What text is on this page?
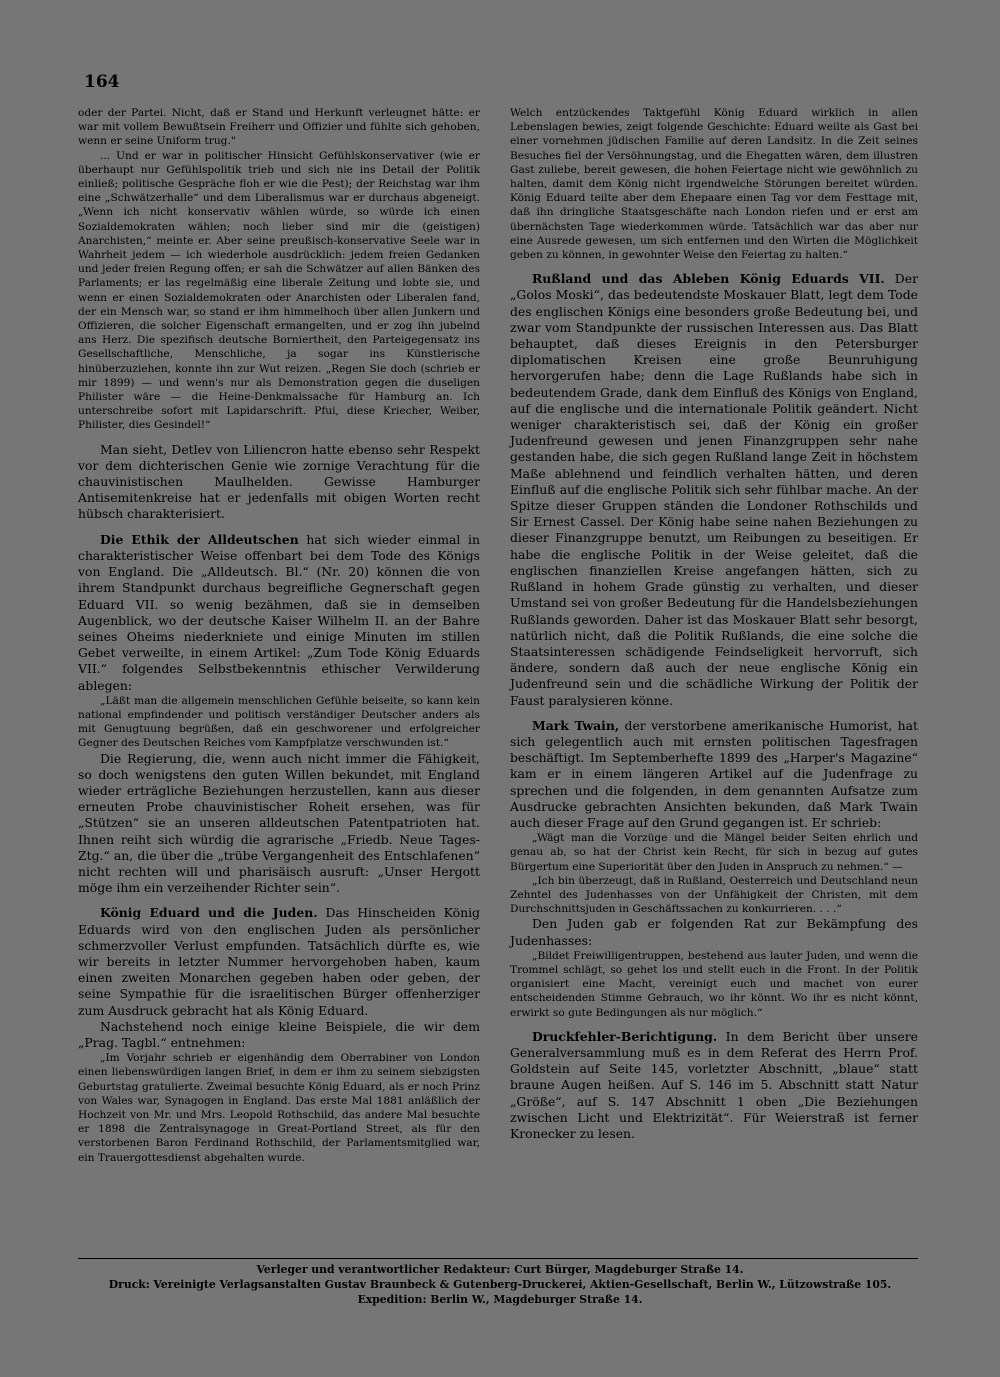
164

oder der Partei. Nicht, daß er Stand und Herkunft verleugnet hätte: er war mit vollem Bewußtsein Freiherr und Offizier und fühlte sich gehoben, wenn er seine Uniform trug."

... Und er war in politischer Hinsicht Gefühlskonservativer (wie er überhaupt nur Gefühlspolitik trieb und sich nie ins Detail der Politik einließ; politische Gespräche floh er wie die Pest); der Reichstag war ihm eine „Schwätzerhalle“ und dem Liberalismus war er durchaus abgeneigt. „Wenn ich nicht konservativ wählen würde, so würde ich einen Sozialdemokraten wählen; noch lieber sind mir die (geistigen) Anarchisten,“ meinte er. Aber seine preußisch-konservative Seele war in Wahrheit jedem — ich wiederhole ausdrücklich: jedem freien Gedanken und jeder freien Regung offen; er sah die Schwätzer auf allen Bänken des Parlaments; er las regelmäßig eine liberale Zeitung und lobte sie, und wenn er einen Sozialdemokraten oder Anarchisten oder Liberalen fand, der ein Mensch war, so stand er ihm himmelhoch über allen Junkern und Offizieren, die solcher Eigenschaft ermangelten, und er zog ihn jubelnd ans Herz. Die spezifisch deutsche Borniertheit, den Parteigegensatz ins Gesellschaftliche, Menschliche, ja sogar ins Künstlerische hinüberzuziehen, konnte ihn zur Wut reizen. „Regen Sie doch (schrieb er mir 1899) — und wenn's nur als Demonstration gegen die duseligen Philister wäre — die Heine-Denkmalssache für Hamburg an. Ich unterschreibe sofort mit Lapidarschrift. Pfui, diese Kriecher, Weiber, Philister, dies Gesindel!“

Man sieht, Detlev von Liliencron hatte ebenso sehr Respekt vor dem dichterischen Genie wie zornige Verachtung für die chauvinistischen Maulhelden. Gewisse Hamburger Antisemitenkreise hat er jedenfalls mit obigen Worten recht hübsch charakterisiert.

Die Ethik der Alldeutschen hat sich wieder einmal in charakteristischer Weise offenbart bei dem Tode des Königs von England. Die „Alldeutsch. Bl.“ (Nr. 20) können die von ihrem Standpunkt durchaus begreifliche Gegnerschaft gegen Eduard VII. so wenig bezähmen, daß sie in demselben Augenblick, wo der deutsche Kaiser Wilhelm II. an der Bahre seines Oheims niederkniete und einige Minuten im stillen Gebet verweilte, in einem Artikel: „Zum Tode König Eduards VII.“ folgendes Selbstbekenntnis ethischer Verwilderung ablegen:

„Läßt man die allgemein menschlichen Gefühle beiseite, so kann kein national empfindender und politisch verständiger Deutscher anders als mit Genugtuung begrüßen, daß ein geschworener und erfolgreicher Gegner des Deutschen Reiches vom Kampfplatze verschwunden ist.“

Die Regierung, die, wenn auch nicht immer die Fähigkeit, so doch wenigstens den guten Willen bekundet, mit England wieder erträgliche Beziehungen herzustellen, kann aus dieser erneuten Probe chauvinistischer Roheit ersehen, was für „Stützen“ sie an unseren alldeutschen Patentpatrioten hat. Ihnen reiht sich würdig die agrarische „Friedb. Neue Tages-Ztg.“ an, die über die „trübe Vergangenheit des Entschlafenen“ nicht rechten will und pharisäisch ausruft: „Unser Hergott möge ihm ein verzeihender Richter sein“.

König Eduard und die Juden. Das Hinscheiden König Eduards wird von den englischen Juden als persönlicher schmerzvoller Verlust empfunden. Tatsächlich dürfte es, wie wir bereits in letzter Nummer hervorgehoben haben, kaum einen zweiten Monarchen gegeben haben oder geben, der seine Sympathie für die israelitischen Bürger offenherziger zum Ausdruck gebracht hat als König Eduard.

Nachstehend noch einige kleine Beispiele, die wir dem „Prag. Tagbl.“ entnehmen:

„Im Vorjahr schrieb er eigenhändig dem Oberrabiner von London einen liebenswürdigen langen Brief, in dem er ihm zu seinem siebzigsten Geburtstag gratulierte. Zweimal besuchte König Eduard, als er noch Prinz von Wales war, Synagogen in England. Das erste Mal 1881 anläßlich der Hochzeit von Mr. und Mrs. Leopold Rothschild, das andere Mal besuchte er 1898 die Zentralsynagoge in Great-Portland Street, als für den verstorbenen Baron Ferdinand Rothschild, der Parlamentsmitglied war, ein Trauergottesdienst abgehalten wurde.

Welch entzückendes Taktgefühl König Eduard wirklich in allen Lebenslagen bewies, zeigt folgende Geschichte: Eduard weilte als Gast bei einer vornehmen jüdischen Familie auf deren Landsitz. In die Zeit seines Besuches fiel der Versöhnungstag, und die Ehegatten wären, dem illustren Gast zuliebe, bereit gewesen, die hohen Feiertage nicht wie gewöhnlich zu halten, damit dem König nicht irgendwelche Störungen bereitet würden. König Eduard teilte aber dem Ehepaare einen Tag vor dem Festtage mit, daß ihn dringliche Staatsgeschäfte nach London riefen und er erst am übernächsten Tage wiederkommen würde. Tatsächlich war das aber nur eine Ausrede gewesen, um sich entfernen und den Wirten die Möglichkeit geben zu können, in gewohnter Weise den Feiertag zu halten.“

Rußland und das Ableben König Eduards VII. Der „Golos Moski“, das bedeutendste Moskauer Blatt, legt dem Tode des englischen Königs eine besonders große Bedeutung bei, und zwar vom Standpunkte der russischen Interessen aus. Das Blatt behauptet, daß dieses Ereignis in den Petersburger diplomatischen Kreisen eine große Beunruhigung hervorgerufen habe; denn die Lage Rußlands habe sich in bedeutendem Grade, dank dem Einfluß des Königs von England, auf die englische und die internationale Politik geändert. Nicht weniger charakteristisch sei, daß der König ein großer Judenfreund gewesen und jenen Finanzgruppen sehr nahe gestanden habe, die sich gegen Rußland lange Zeit in höchstem Maße ablehnend und feindlich verhalten hätten, und deren Einfluß auf die englische Politik sich sehr fühlbar mache. An der Spitze dieser Gruppen ständen die Londoner Rothschilds und Sir Ernest Cassel. Der König habe seine nahen Beziehungen zu dieser Finanzgruppe benutzt, um Reibungen zu beseitigen. Er habe die englische Politik in der Weise geleitet, daß die englischen finanziellen Kreise angefangen hätten, sich zu Rußland in hohem Grade günstig zu verhalten, und dieser Umstand sei von großer Bedeutung für die Handelsbeziehungen Rußlands geworden. Daher ist das Moskauer Blatt sehr besorgt, natürlich nicht, daß die Politik Rußlands, die eine solche die Staatsinteressen schädigende Feindseligkeit hervorruft, sich ändere, sondern daß auch der neue englische König ein Judenfreund sein und die schädliche Wirkung der Politik der Faust paralysieren könne.

Mark Twain, der verstorbene amerikanische Humorist, hat sich gelegentlich auch mit ernsten politischen Tagesfragen beschäftigt. Im Septemberhefte 1899 des „Harper's Magazine“ kam er in einem längeren Artikel auf die Judenfrage zu sprechen und die folgenden, in dem genannten Aufsatze zum Ausdrucke gebrachten Ansichten bekunden, daß Mark Twain auch dieser Frage auf den Grund gegangen ist. Er schrieb:

„Wägt man die Vorzüge und die Mängel beider Seiten ehrlich und genau ab, so hat der Christ kein Recht, für sich in bezug auf gutes Bürgertum eine Superiorität über den Juden in Anspruch zu nehmen.“ —

„Ich bin überzeugt, daß in Rußland, Oesterreich und Deutschland neun Zehntel des Judenhasses von der Unfähigkeit der Christen, mit dem Durchschnittsjuden in Geschäftssachen zu konkurrieren. . . .“

Den Juden gab er folgenden Rat zur Bekämpfung des Judenhasses:

„Bildet Freiwilligentruppen, bestehend aus lauter Juden, und wenn die Trommel schlägt, so gehet los und stellt euch in die Front. In der Politik organisiert eine Macht, vereinigt euch und machet von eurer entscheidenden Stimme Gebrauch, wo ihr könnt. Wo ihr es nicht könnt, erwirkt so gute Bedingungen als nur möglich.“

Druckfehler-Berichtigung. In dem Bericht über unsere Generalversammlung muß es in dem Referat des Herrn Prof. Goldstein auf Seite 145, vorletzter Abschnitt, „blaue“ statt braune Augen heißen. Auf S. 146 im 5. Abschnitt statt Natur „Größe“, auf S. 147 Abschnitt 1 oben „Die Beziehungen zwischen Licht und Elektrizität“. Für Weierstraß ist ferner Kronecker zu lesen.

Verleger und verantwortlicher Redakteur: Curt Bürger, Magdeburger Straße 14.
Druck: Vereinigte Verlagsanstalten Gustav Braunbeck & Gutenberg-Druckerei, Aktien-Gesellschaft, Berlin W., Lützowstraße 105.
Expedition: Berlin W., Magdeburger Straße 14.
